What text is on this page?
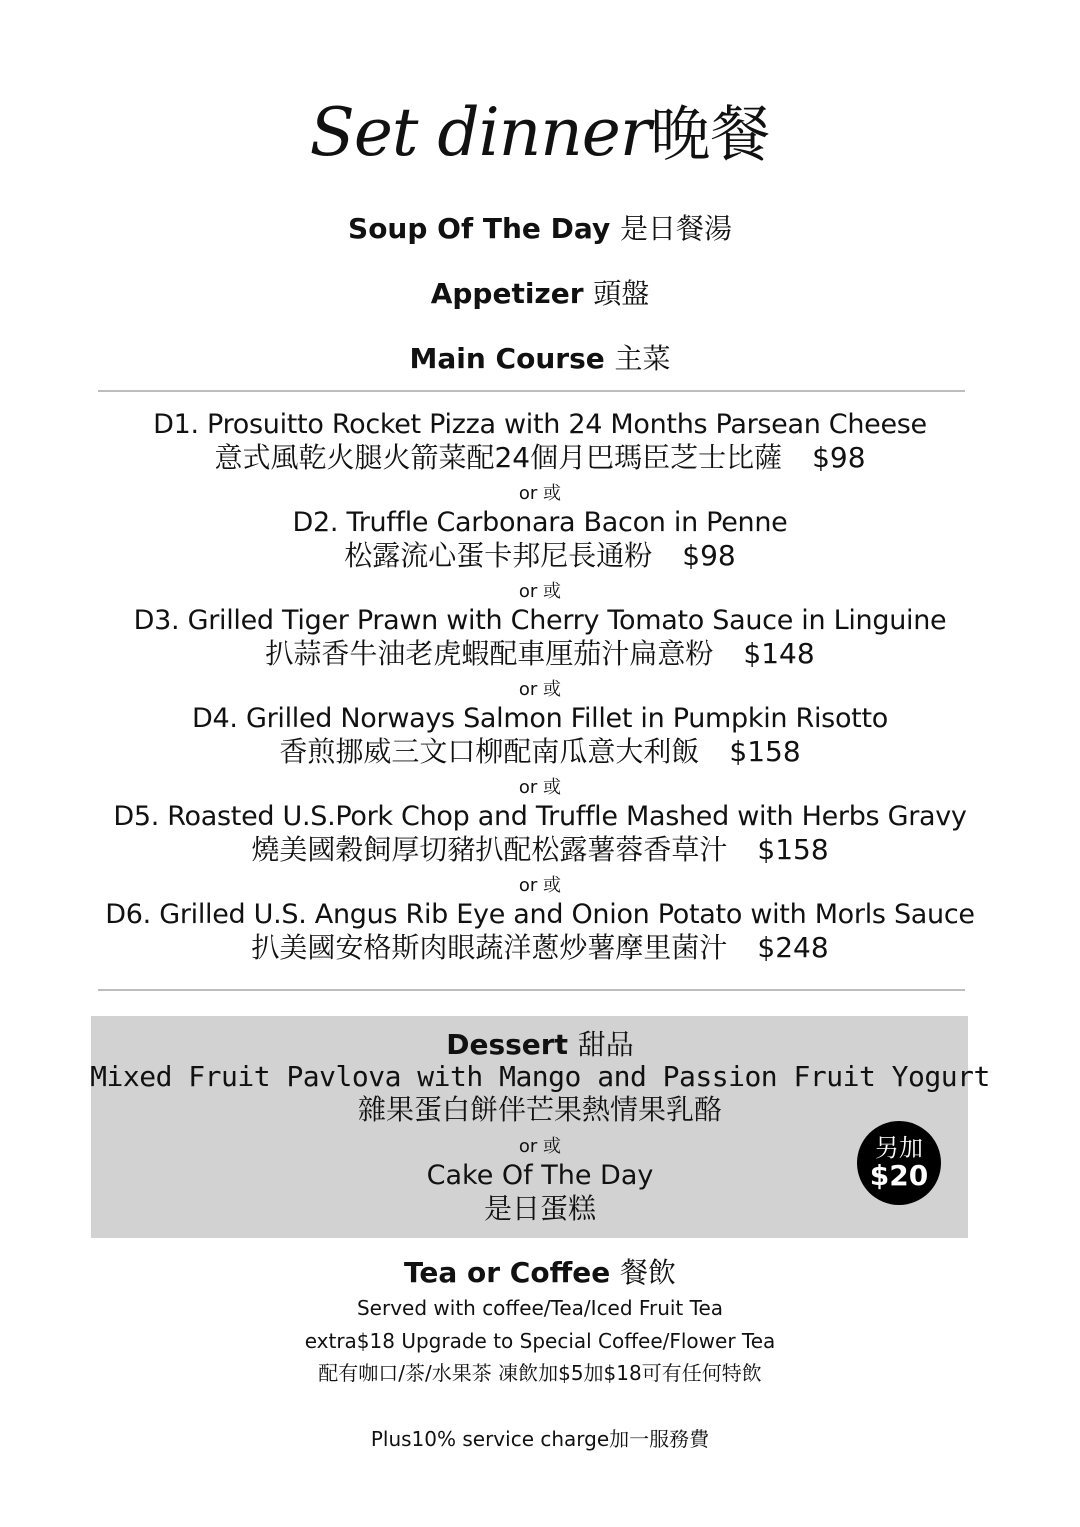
Set dinner晚餐
Soup Of The Day 是日餐湯
Appetizer 頭盤
Main Course 主菜
D1. Prosuitto Rocket Pizza with 24 Months Parsean Cheese
意式風乾火腿火箭菜配24個月巴瑪臣芝士比薩 $98
or 或
D2. Truffle Carbonara Bacon in Penne
松露流心蛋卡邦尼長通粉 $98
or 或
D3. Grilled Tiger Prawn with Cherry Tomato Sauce in Linguine
扒蒜香牛油老虎蝦配車厘茄汁扁意粉 $148
or 或
D4. Grilled Norways Salmon Fillet in Pumpkin Risotto
香煎挪威三文口柳配南瓜意大利飯 $158
or 或
D5. Roasted U.S.Pork Chop and Truffle Mashed with Herbs Gravy
燒美國穀飼厚切豬扒配松露薯蓉香草汁 $158
or 或
D6. Grilled U.S. Angus Rib Eye and Onion Potato with Morls Sauce
扒美國安格斯肉眼蔬洋蔥炒薯摩里菌汁 $248
Dessert 甜品
Mixed Fruit Pavlova with Mango and Passion Fruit Yogurt
雜果蛋白餅伴芒果熱情果乳酪
or 或
Cake Of The Day
是日蛋糕
另加
$20
Tea or Coffee 餐飲
Served with coffee/Tea/Iced Fruit Tea
extra$18 Upgrade to Special Coffee/Flower Tea
配有咖口/茶/水果茶 凍飲加$5加$18可有任何特飲
Plus10% service charge加一服務費
